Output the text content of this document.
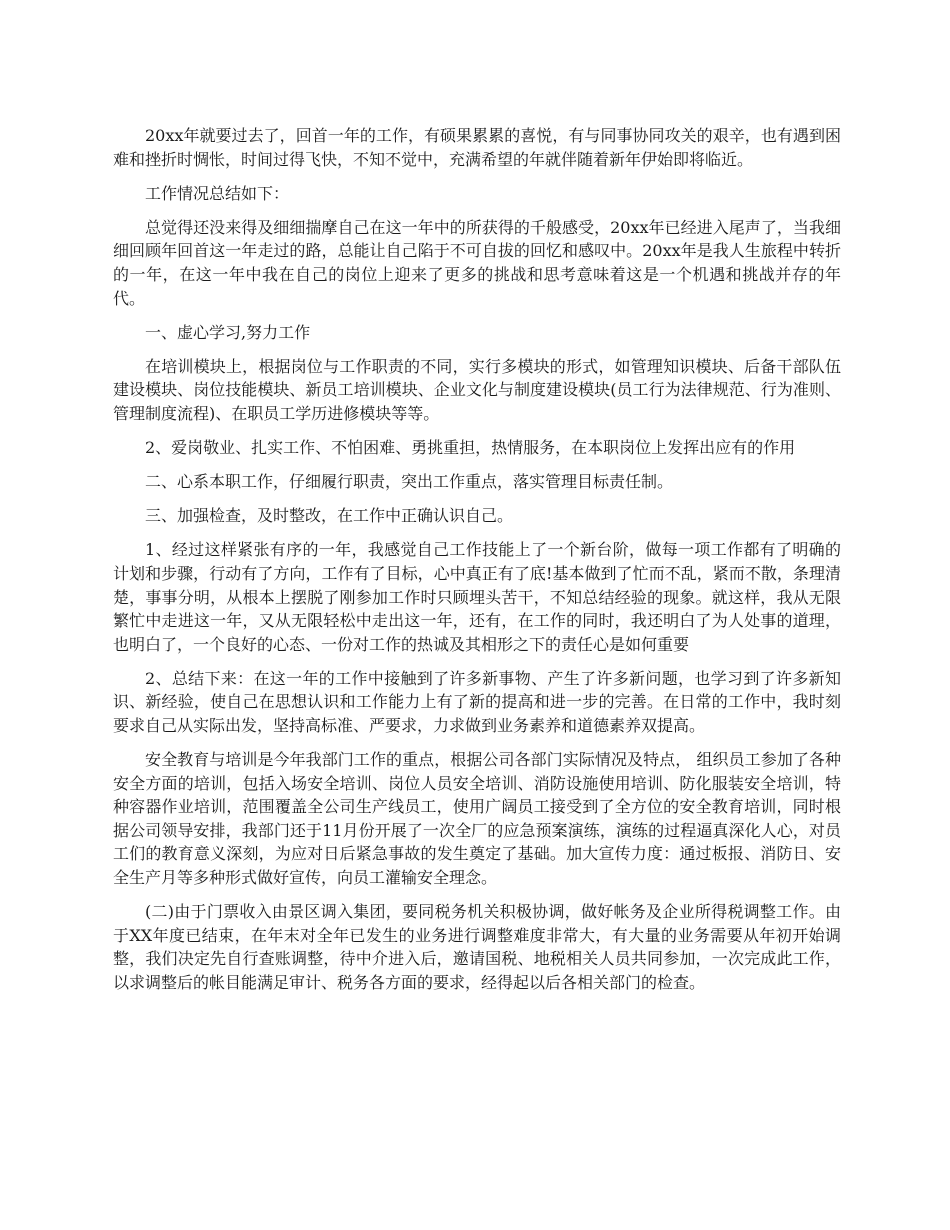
20xx年就要过去了，回首一年的工作，有硕果累累的喜悦，有与同事协同攻关的艰辛，也有遇到困难和挫折时惆怅，时间过得飞快，不知不觉中，充满希望的年就伴随着新年伊始即将临近。

工作情况总结如下：

总觉得还没来得及细细揣摩自己在这一年中的所获得的千般感受，20xx年已经进入尾声了，当我细细回顾年回首这一年走过的路，总能让自己陷于不可自拔的回忆和感叹中。20xx年是我人生旅程中转折的一年，在这一年中我在自己的岗位上迎来了更多的挑战和思考意味着这是一个机遇和挑战并存的年代。

一、虚心学习,努力工作

在培训模块上，根据岗位与工作职责的不同，实行多模块的形式，如管理知识模块、后备干部队伍建设模块、岗位技能模块、新员工培训模块、企业文化与制度建设模块(员工行为法律规范、行为准则、管理制度流程)、在职员工学历进修模块等等。

2、爱岗敬业、扎实工作、不怕困难、勇挑重担，热情服务，在本职岗位上发挥出应有的作用

二、心系本职工作，仔细履行职责，突出工作重点，落实管理目标责任制。

三、加强检查，及时整改，在工作中正确认识自己。

1、经过这样紧张有序的一年，我感觉自己工作技能上了一个新台阶，做每一项工作都有了明确的计划和步骤，行动有了方向，工作有了目标，心中真正有了底!基本做到了忙而不乱，紧而不散，条理清楚，事事分明，从根本上摆脱了刚参加工作时只顾埋头苦干，不知总结经验的现象。就这样，我从无限繁忙中走进这一年，又从无限轻松中走出这一年，还有，在工作的同时，我还明白了为人处事的道理，也明白了，一个良好的心态、一份对工作的热诚及其相形之下的责任心是如何重要

2、总结下来：在这一年的工作中接触到了许多新事物、产生了许多新问题，也学习到了许多新知识、新经验，使自己在思想认识和工作能力上有了新的提高和进一步的完善。在日常的工作中，我时刻要求自己从实际出发，坚持高标准、严要求，力求做到业务素养和道德素养双提高。

安全教育与培训是今年我部门工作的重点，根据公司各部门实际情况及特点， 组织员工参加了各种安全方面的培训，包括入场安全培训、岗位人员安全培训、消防设施使用培训、防化服装安全培训，特种容器作业培训，范围覆盖全公司生产线员工，使用广阔员工接受到了全方位的安全教育培训，同时根据公司领导安排，我部门还于11月份开展了一次全厂的应急预案演练，演练的过程逼真深化人心，对员工们的教育意义深刻，为应对日后紧急事故的发生奠定了基础。加大宣传力度：通过板报、消防日、安全生产月等多种形式做好宣传，向员工灌输安全理念。

(二)由于门票收入由景区调入集团，要同税务机关积极协调，做好帐务及企业所得税调整工作。由于XX年度已结束，在年末对全年已发生的业务进行调整难度非常大，有大量的业务需要从年初开始调整，我们决定先自行查账调整，待中介进入后，邀请国税、地税相关人员共同参加，一次完成此工作，以求调整后的帐目能满足审计、税务各方面的要求，经得起以后各相关部门的检查。
